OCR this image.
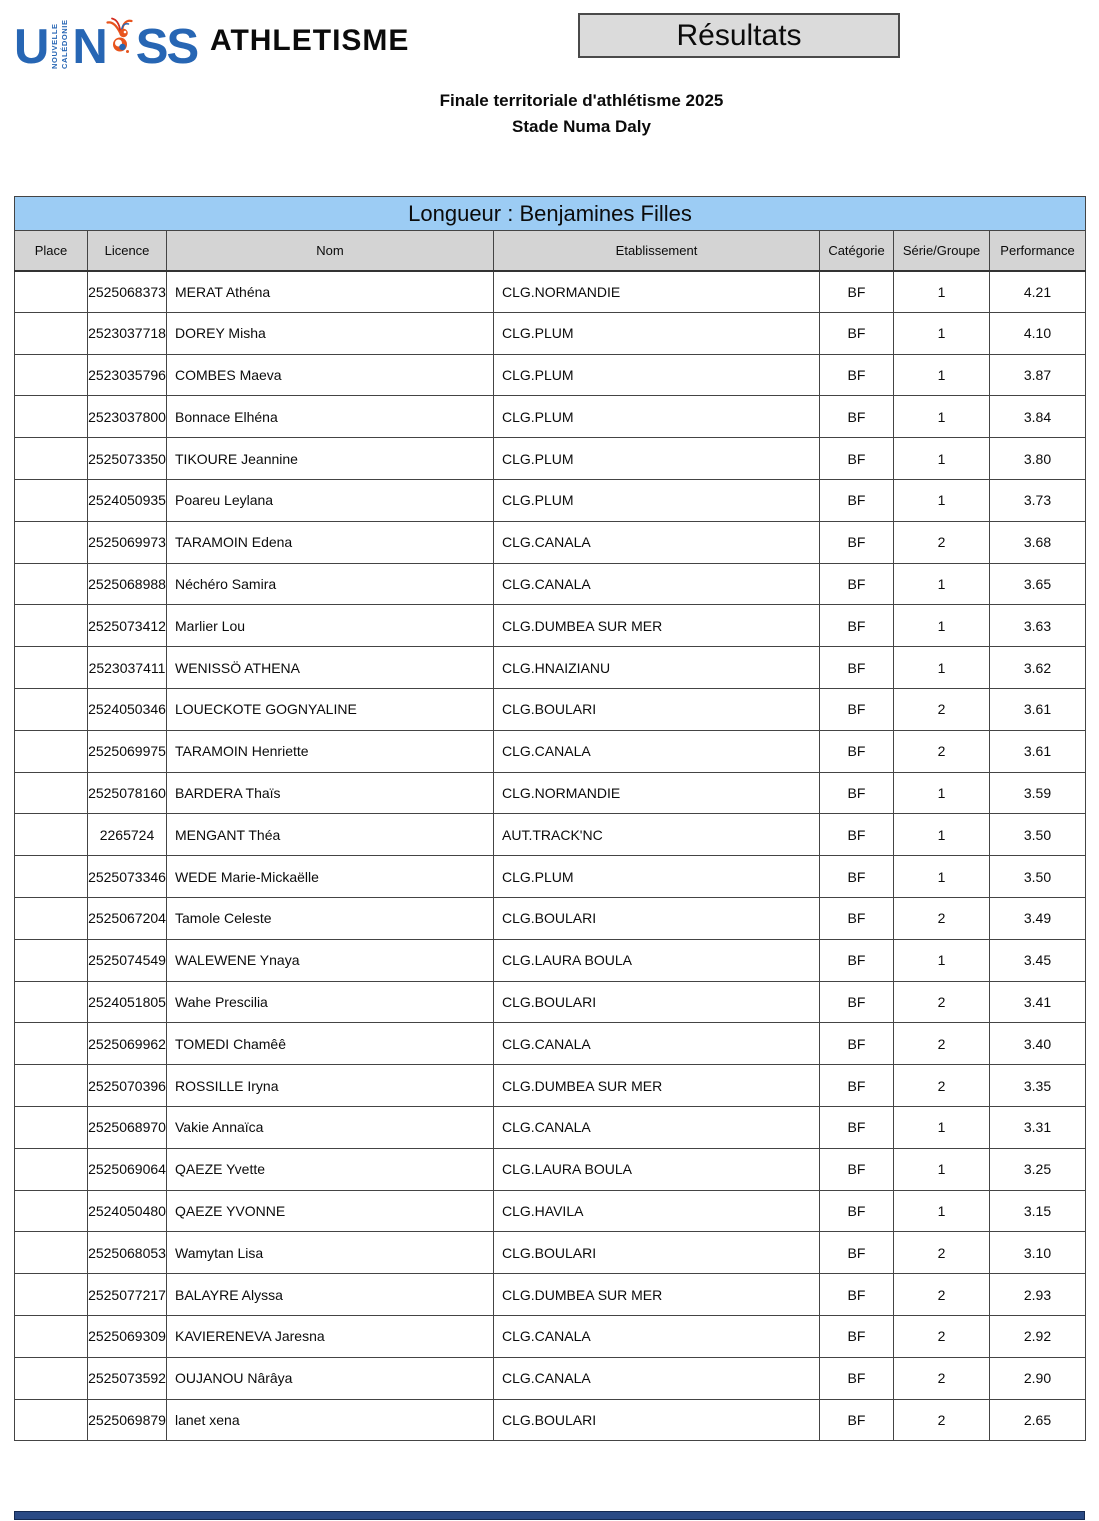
U NOUVELLE CALÉDONIE N S S ATHLETISME	Résultats
Finale territoriale d'athlétisme 2025
Stade Numa Daly
Longueur : Benjamines Filles						
Place	Licence	Nom	Etablissement	Catégorie	Série/Groupe	Performance
	2525068373	MERAT Athéna	CLG.NORMANDIE	BF	1	4.21
	2523037718	DOREY Misha	CLG.PLUM	BF	1	4.10
	2523035796	COMBES Maeva	CLG.PLUM	BF	1	3.87
	2523037800	Bonnace Elhéna	CLG.PLUM	BF	1	3.84
	2525073350	TIKOURE Jeannine	CLG.PLUM	BF	1	3.80
	2524050935	Poareu Leylana	CLG.PLUM	BF	1	3.73
	2525069973	TARAMOIN Edena	CLG.CANALA	BF	2	3.68
	2525068988	Néchéro Samira	CLG.CANALA	BF	1	3.65
	2525073412	Marlier Lou	CLG.DUMBEA SUR MER	BF	1	3.63
	2523037411	WENISSÖ ATHENA	CLG.HNAIZIANU	BF	1	3.62
	2524050346	LOUECKOTE GOGNYALINE	CLG.BOULARI	BF	2	3.61
	2525069975	TARAMOIN Henriette	CLG.CANALA	BF	2	3.61
	2525078160	BARDERA Thaïs	CLG.NORMANDIE	BF	1	3.59
	2265724	MENGANT Théa	AUT.TRACK'NC	BF	1	3.50
	2525073346	WEDE Marie-Mickaëlle	CLG.PLUM	BF	1	3.50
	2525067204	Tamole Celeste	CLG.BOULARI	BF	2	3.49
	2525074549	WALEWENE Ynaya	CLG.LAURA BOULA	BF	1	3.45
	2524051805	Wahe Prescilia	CLG.BOULARI	BF	2	3.41
	2525069962	TOMEDI Chamêê	CLG.CANALA	BF	2	3.40
	2525070396	ROSSILLE Iryna	CLG.DUMBEA SUR MER	BF	2	3.35
	2525068970	Vakie Annaïca	CLG.CANALA	BF	1	3.31
	2525069064	QAEZE Yvette	CLG.LAURA BOULA	BF	1	3.25
	2524050480	QAEZE YVONNE	CLG.HAVILA	BF	1	3.15
	2525068053	Wamytan Lisa	CLG.BOULARI	BF	2	3.10
	2525077217	BALAYRE Alyssa	CLG.DUMBEA SUR MER	BF	2	2.93
	2525069309	KAVIERENEVA Jaresna	CLG.CANALA	BF	2	2.92
	2525073592	OUJANOU Nârâya	CLG.CANALA	BF	2	2.90
	2525069879	lanet xena	CLG.BOULARI	BF	2	2.65
